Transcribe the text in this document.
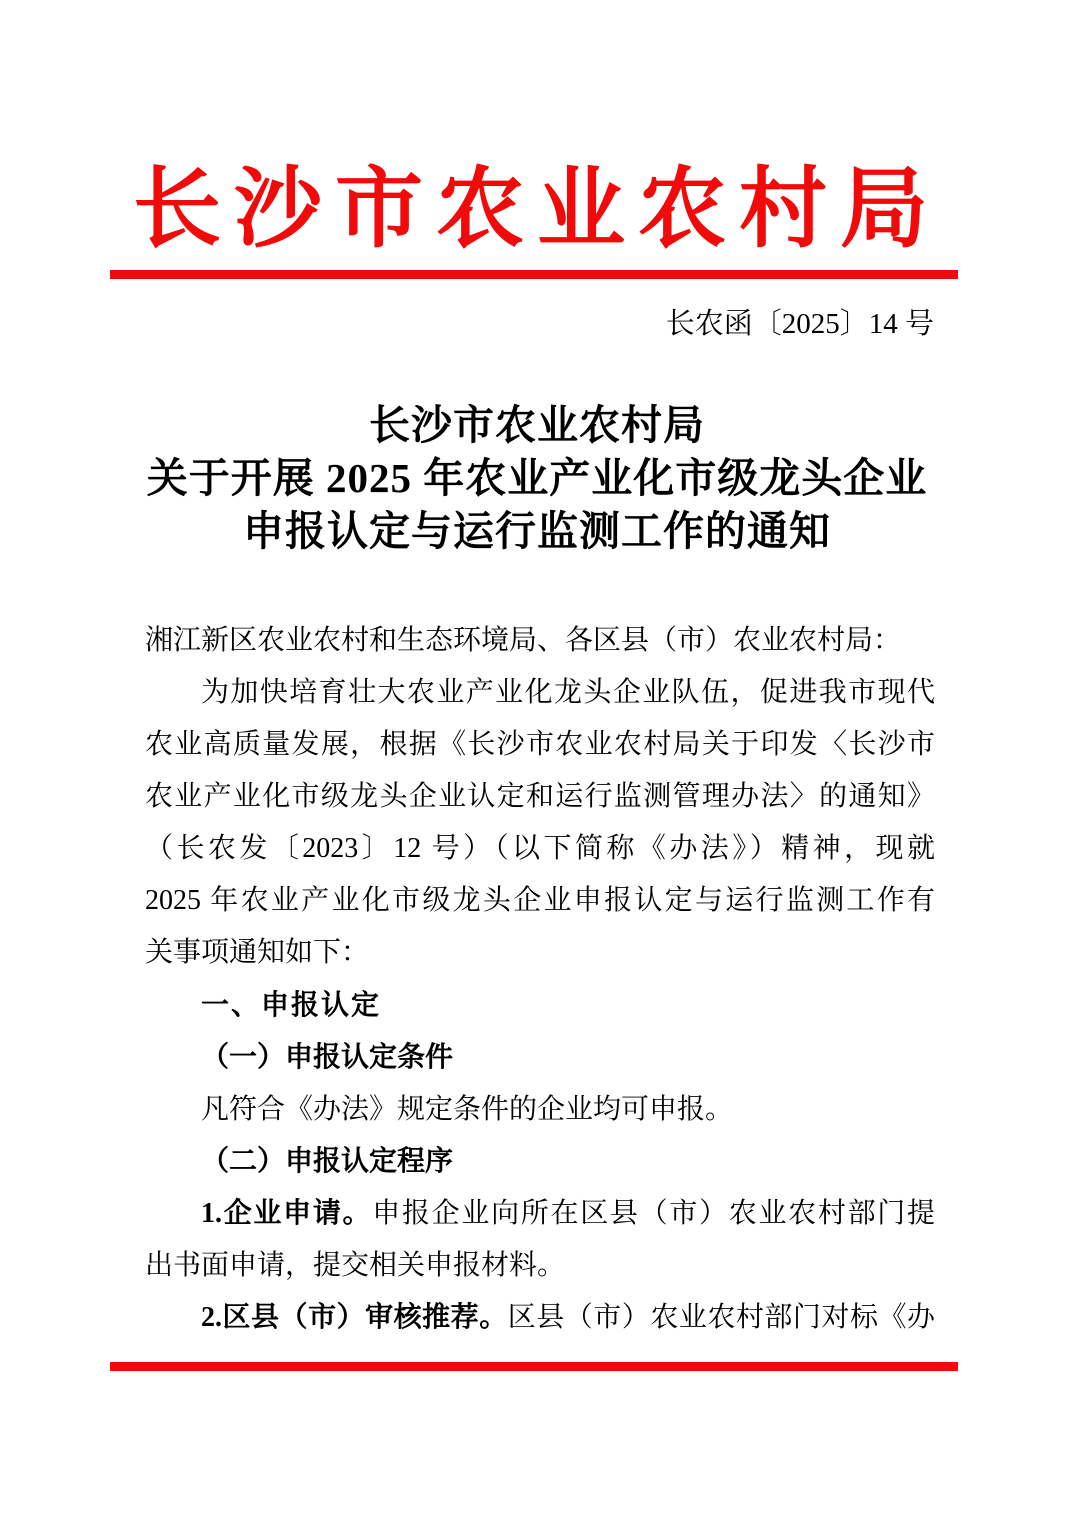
长沙市农业农村局
长农函〔2025〕14 号
长沙市农业农村局
关于开展 2025 年农业产业化市级龙头企业
申报认定与运行监测工作的通知
湘江新区农业农村和生态环境局、各区县（市）农业农村局：
为加快培育壮大农业产业化龙头企业队伍，促进我市现代
农业高质量发展，根据《长沙市农业农村局关于印发〈长沙市
农业产业化市级龙头企业认定和运行监测管理办法〉的通知》
（长农发〔2023〕12 号）（以下简称《办法》）精神，现就
2025 年农业产业化市级龙头企业申报认定与运行监测工作有
关事项通知如下：
一、申报认定
（一）申报认定条件
凡符合《办法》规定条件的企业均可申报。
（二）申报认定程序
1.企业申请。申报企业向所在区县（市）农业农村部门提
出书面申请，提交相关申报材料。
2.区县（市）审核推荐。区县（市）农业农村部门对标《办
